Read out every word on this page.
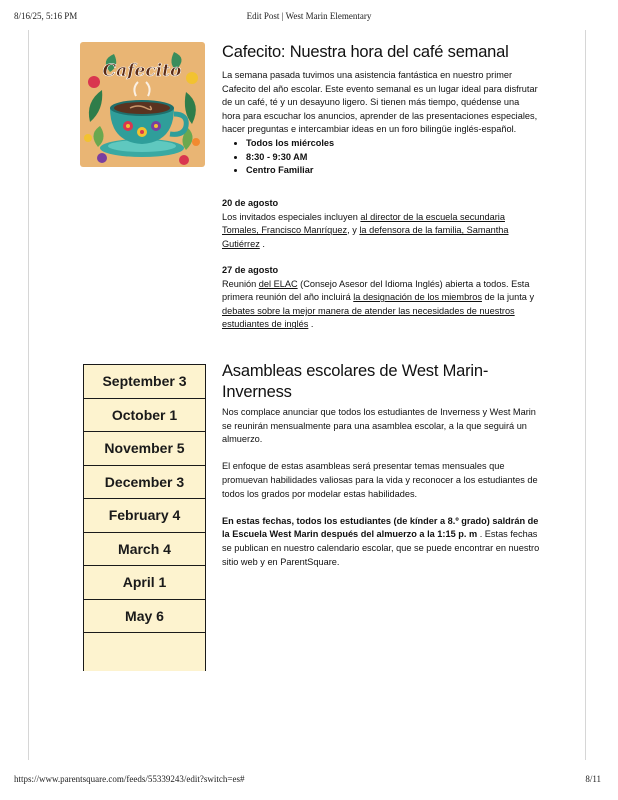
8/16/25, 5:16 PM	Edit Post | West Marin Elementary
Cafecito
Cafecito: Nuestra hora del café semanal

La semana pasada tuvimos una asistencia fantástica en nuestro primer Cafecito del año escolar. Este evento semanal es un lugar ideal para disfrutar de un café, té y un desayuno ligero. Si tienen más tiempo, quédense una hora para escuchar los anuncios, aprender de las presentaciones especiales, hacer preguntas e intercambiar ideas en un foro bilingüe inglés-español.

• Todos los miércoles
• 8:30 - 9:30 AM
• Centro Familiar

20 de agosto

Los invitados especiales incluyen al director de la escuela secundaria Tomales, Francisco Manríquez, y la defensora de la familia, Samantha Gutiérrez .

27 de agosto

Reunión del ELAC (Consejo Asesor del Idioma Inglés) abierta a todos. Esta primera reunión del año incluirá la designación de los miembros de la junta y debates sobre la mejor manera de atender las necesidades de nuestros estudiantes de inglés .

September 3
October 1
November 5
December 3
February 4
March 4
April 1
May 6
Asambleas escolares de West Marin-Inverness

Nos complace anunciar que todos los estudiantes de Inverness y West Marin se reunirán mensualmente para una asamblea escolar, a la que seguirá un almuerzo.

El enfoque de estas asambleas será presentar temas mensuales que promuevan habilidades valiosas para la vida y reconocer a los estudiantes de todos los grados por modelar estas habilidades.

En estas fechas, todos los estudiantes (de kínder a 8.º grado) saldrán de la Escuela West Marin después del almuerzo a la 1:15 p. m . Estas fechas se publican en nuestro calendario escolar, que se puede encontrar en nuestro sitio web y en ParentSquare.

https://www.parentsquare.com/feeds/55339243/edit?switch=es#	8/11
